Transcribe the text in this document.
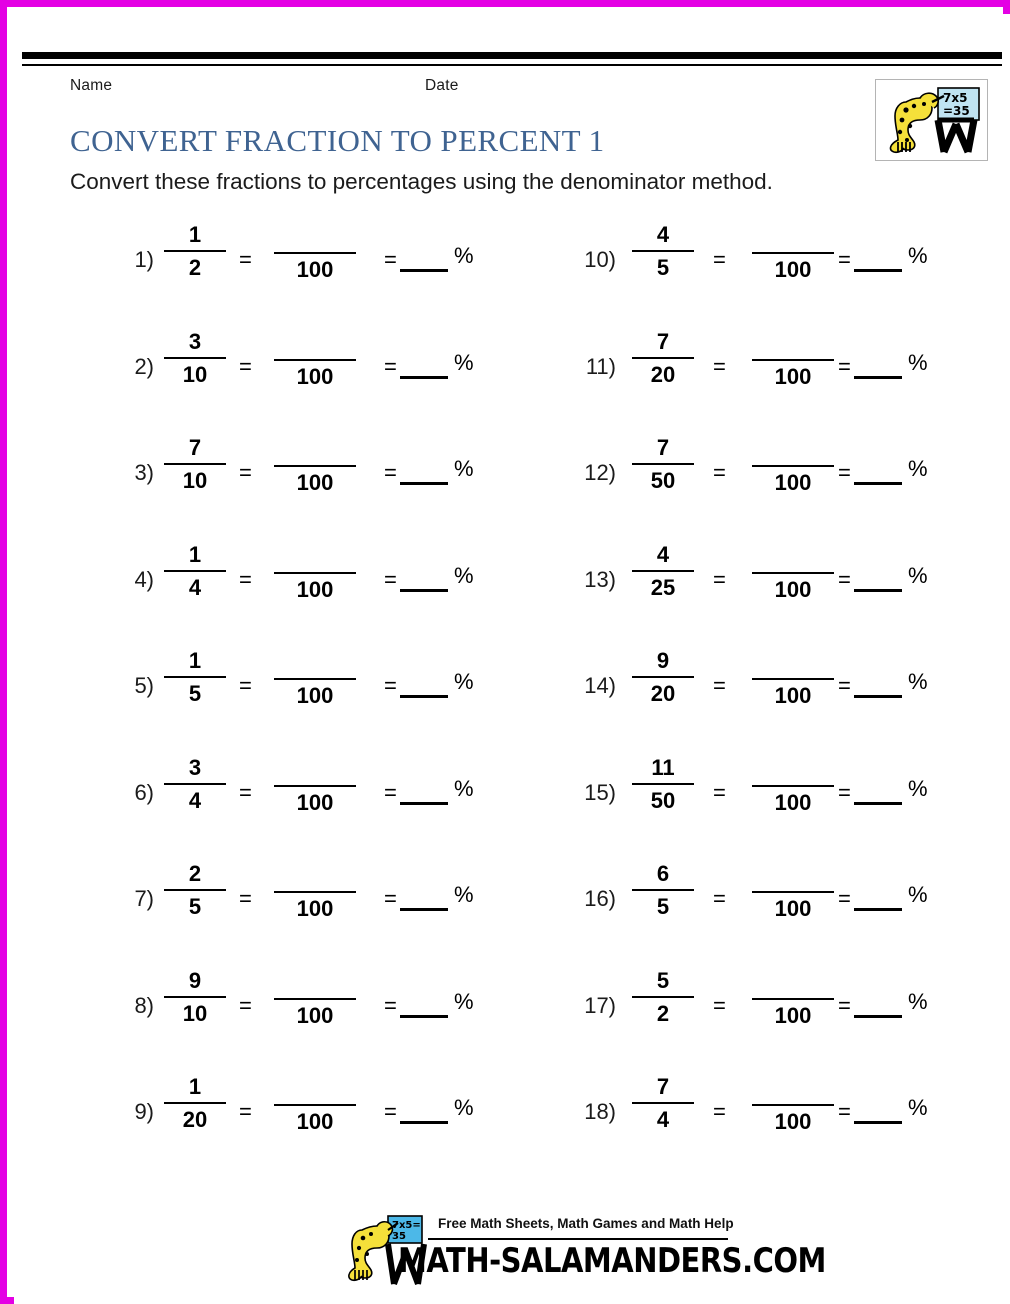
Name	Date
CONVERT FRACTION TO PERCENT 1
Convert these fractions to percentages using the denominator method.
7x5
=35
1)
1
2	=	100	=	%
2)
3
10	=	100	=	%
3)
7
10	=	100	=	%
4)
1
4	=	100	=	%
5)
1
5	=	100	=	%
6)
3
4	=	100	=	%
7)
2
5	=	100	=	%
8)
9
10	=	100	=	%
9)
1
20	=	100	=	%
10)
4
5	=	100	=	%
11)
7
20	=	100	=	%
12)
7
50	=	100	=	%
13)
4
25	=	100	=	%
14)
9
20	=	100	=	%
15)
11
50	=	100	=	%
16)
6
5	=	100	=	%
17)
5
2	=	100	=	%
18)
7
4	=	100	=	%
7x5=
35
Free Math Sheets, Math Games and Math Help
MATH-SALAMANDERS.COM
